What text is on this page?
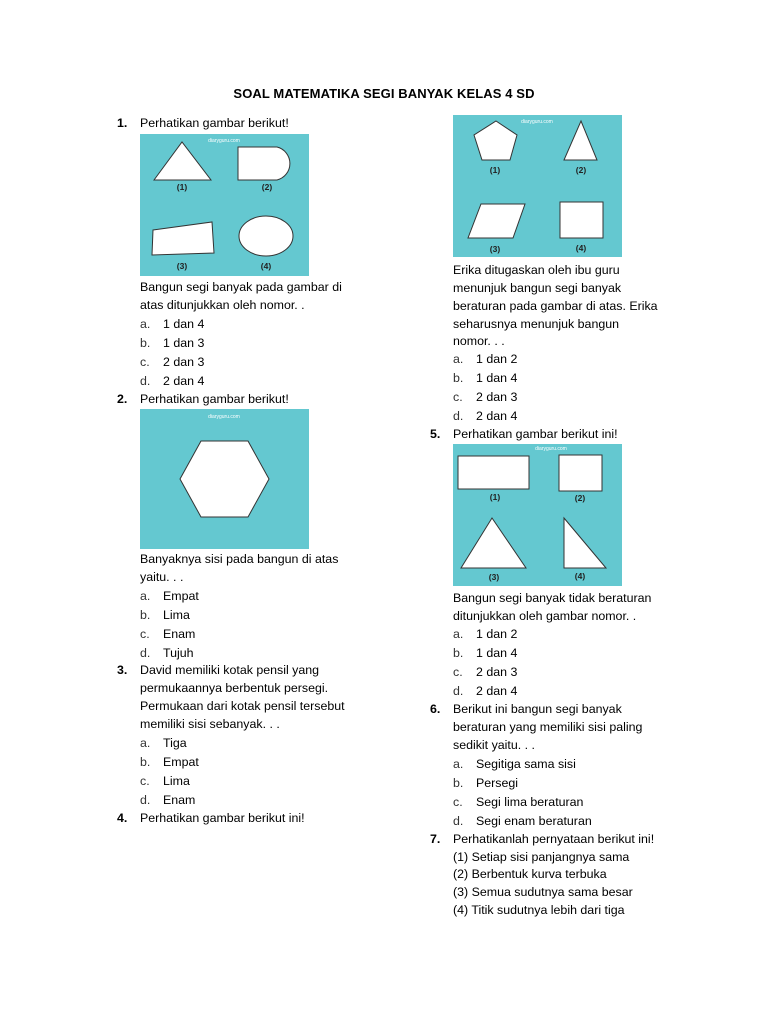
SOAL MATEMATIKA SEGI BANYAK KELAS 4 SD
1. Perhatikan gambar berikut!
diaryguru.com
(1)	(2)
(3)	(4)
Bangun segi banyak pada gambar di
atas ditunjukkan oleh nomor. .
a. 1 dan 4
b. 1 dan 3
c. 2 dan 3
d. 2 dan 4
2. Perhatikan gambar berikut!
diaryguru.com
Banyaknya sisi pada bangun di atas
yaitu. . .
a. Empat
b. Lima
c. Enam
d. Tujuh
3. David memiliki kotak pensil yang
permukaannya berbentuk persegi.
Permukaan dari kotak pensil tersebut
memiliki sisi sebanyak. . .
a. Tiga
b. Empat
c. Lima
d. Enam
4. Perhatikan gambar berikut ini!
diaryguru.com
(1)	(2)
(3)	(4)
Erika ditugaskan oleh ibu guru
menunjuk bangun segi banyak
beraturan pada gambar di atas. Erika
seharusnya menunjuk bangun
nomor. . .
a. 1 dan 2
b. 1 dan 4
c. 2 dan 3
d. 2 dan 4
5. Perhatikan gambar berikut ini!
diaryguru.com
(1)	(2)
(3)	(4)
Bangun segi banyak tidak beraturan
ditunjukkan oleh gambar nomor. .
a. 1 dan 2
b. 1 dan 4
c. 2 dan 3
d. 2 dan 4
6. Berikut ini bangun segi banyak
beraturan yang memiliki sisi paling
sedikit yaitu. . .
a. Segitiga sama sisi
b. Persegi
c. Segi lima beraturan
d. Segi enam beraturan
7. Perhatikanlah pernyataan berikut ini!
(1) Setiap sisi panjangnya sama
(2) Berbentuk kurva terbuka
(3) Semua sudutnya sama besar
(4) Titik sudutnya lebih dari tiga
